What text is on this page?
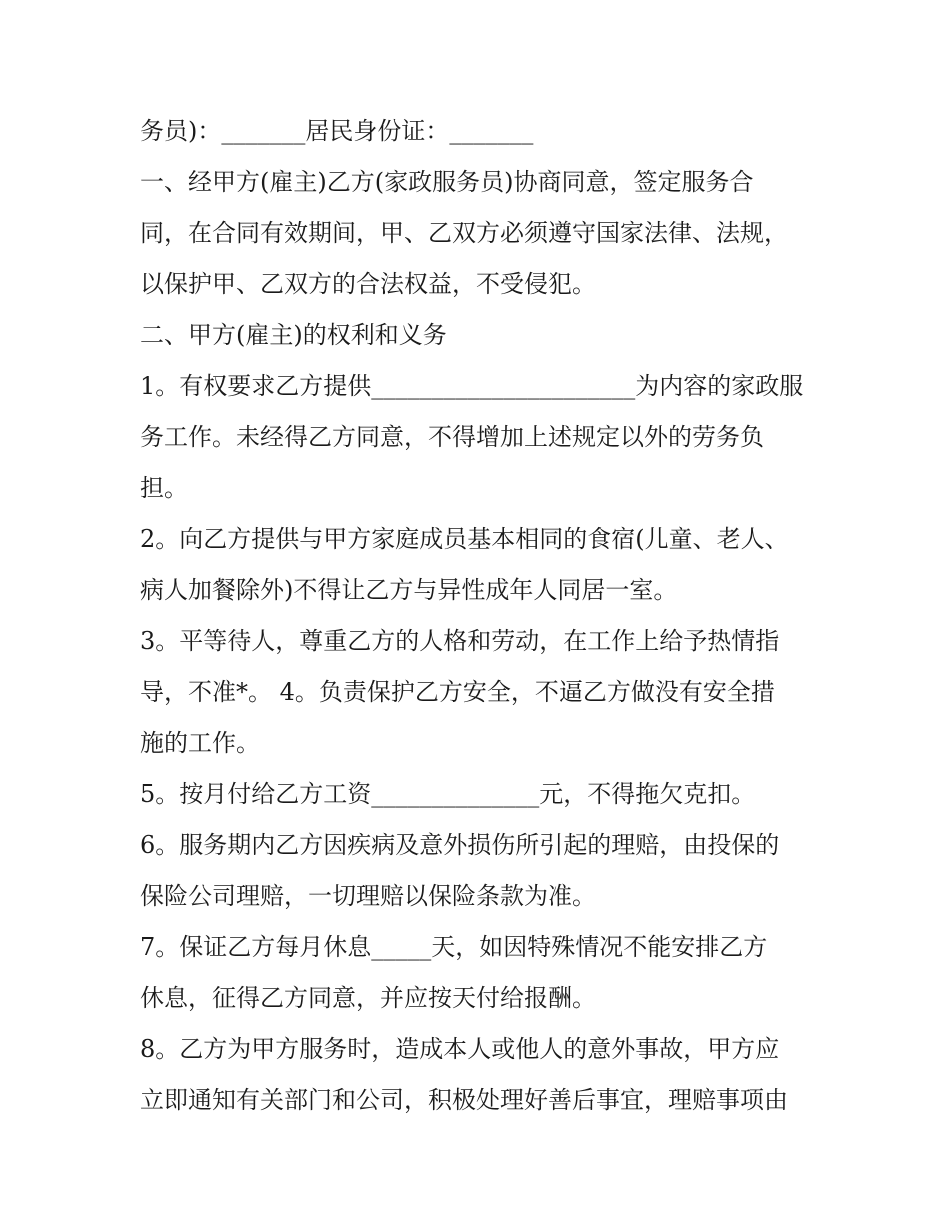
务员)：_______居民身份证：_______
一、经甲方(雇主)乙方(家政服务员)协商同意，签定服务合
同，在合同有效期间，甲、乙双方必须遵守国家法律、法规，
以保护甲、乙双方的合法权益，不受侵犯。
二、甲方(雇主)的权利和义务
1。有权要求乙方提供______________________为内容的家政服
务工作。未经得乙方同意，不得增加上述规定以外的劳务负
担。
2。向乙方提供与甲方家庭成员基本相同的食宿(儿童、老人、
病人加餐除外)不得让乙方与异性成年人同居一室。
3。平等待人，尊重乙方的人格和劳动，在工作上给予热情指
导，不准*。 4。负责保护乙方安全，不逼乙方做没有安全措
施的工作。
5。按月付给乙方工资______________元，不得拖欠克扣。
6。服务期内乙方因疾病及意外损伤所引起的理赔，由投保的
保险公司理赔，一切理赔以保险条款为准。
7。保证乙方每月休息_____天，如因特殊情况不能安排乙方
休息，征得乙方同意，并应按天付给报酬。
8。乙方为甲方服务时，造成本人或他人的意外事故，甲方应
立即通知有关部门和公司，积极处理好善后事宜，理赔事项由
